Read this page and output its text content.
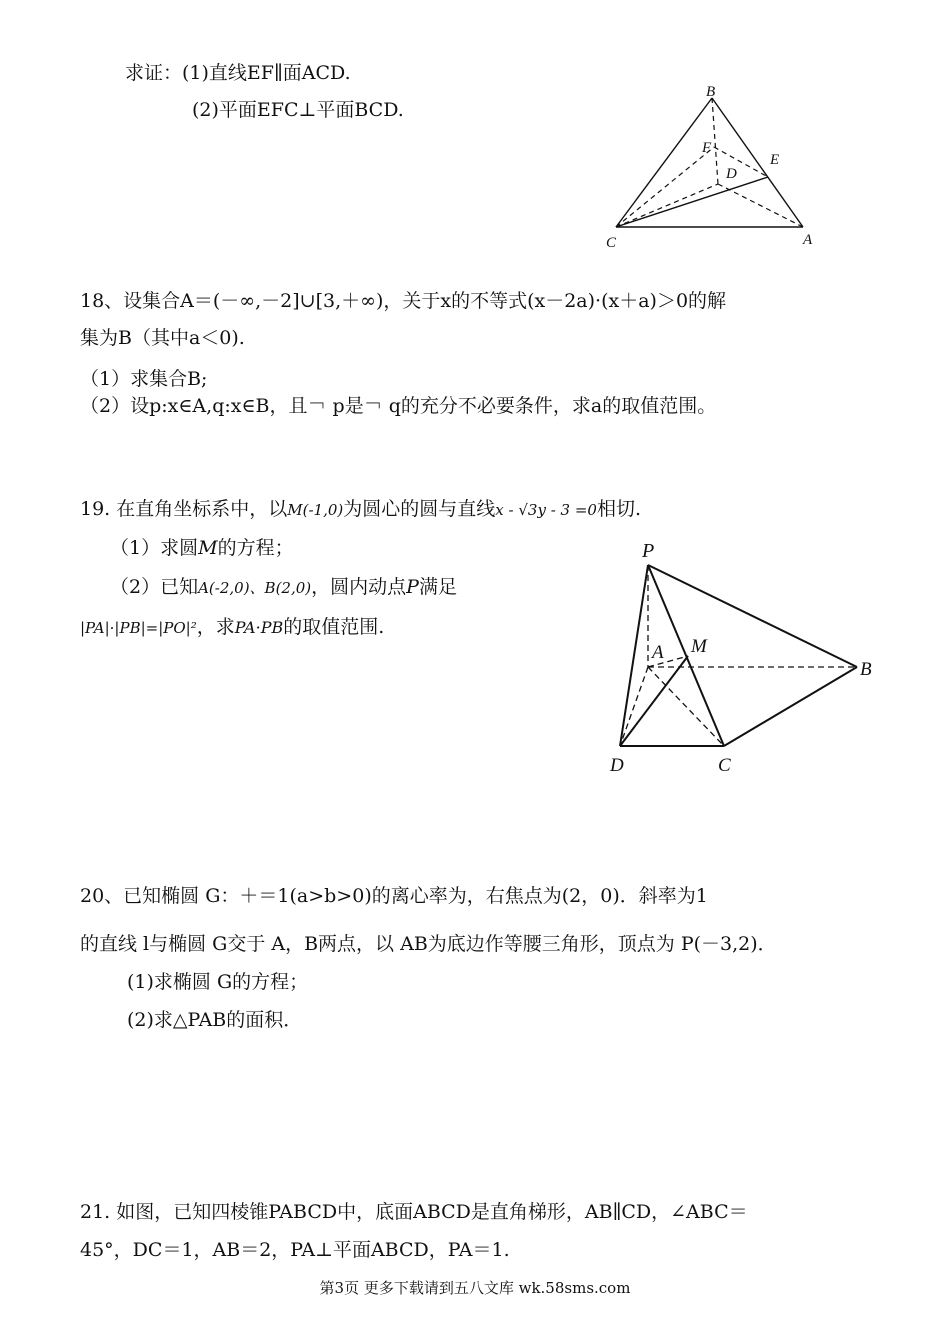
求证：(1)直线EF∥面ACD.
(2)平面EFC⊥平面BCD.
B
F
E
D
C	A
18、设集合A＝(－∞,－2]∪[3,＋∞)，关于x的不等式(x－2a)·(x＋a)＞0的解
集为B（其中a＜0).
（1）求集合B;
（2）设p:x∈A,q:x∈B，且￢ p是￢ q的充分不必要条件，求a的取值范围。
19. 在直角坐标系中，以M(-1,0)为圆心的圆与直线x - √3y - 3 =0相切.
（1）求圆M的方程；
（2）已知A(-2,0)、B(2,0)，圆内动点P满足
|PA|·|PB|=|PO|²，求PA·PB的取值范围.
P
A M
B
D	C
20、已知椭圆 G：＋＝1(a>b>0)的离心率为，右焦点为(2，0)．斜率为1
的直线 l与椭圆 G交于 A，B两点，以 AB为底边作等腰三角形，顶点为 P(－3,2)．
(1)求椭圆 G的方程；
(2)求△PAB的面积．
21. 如图，已知四棱锥PABCD中，底面ABCD是直角梯形，AB∥CD，∠ABC＝
45°，DC＝1，AB＝2，PA⊥平面ABCD，PA＝1.
第3页 更多下载请到五八文库 wk.58sms.com
